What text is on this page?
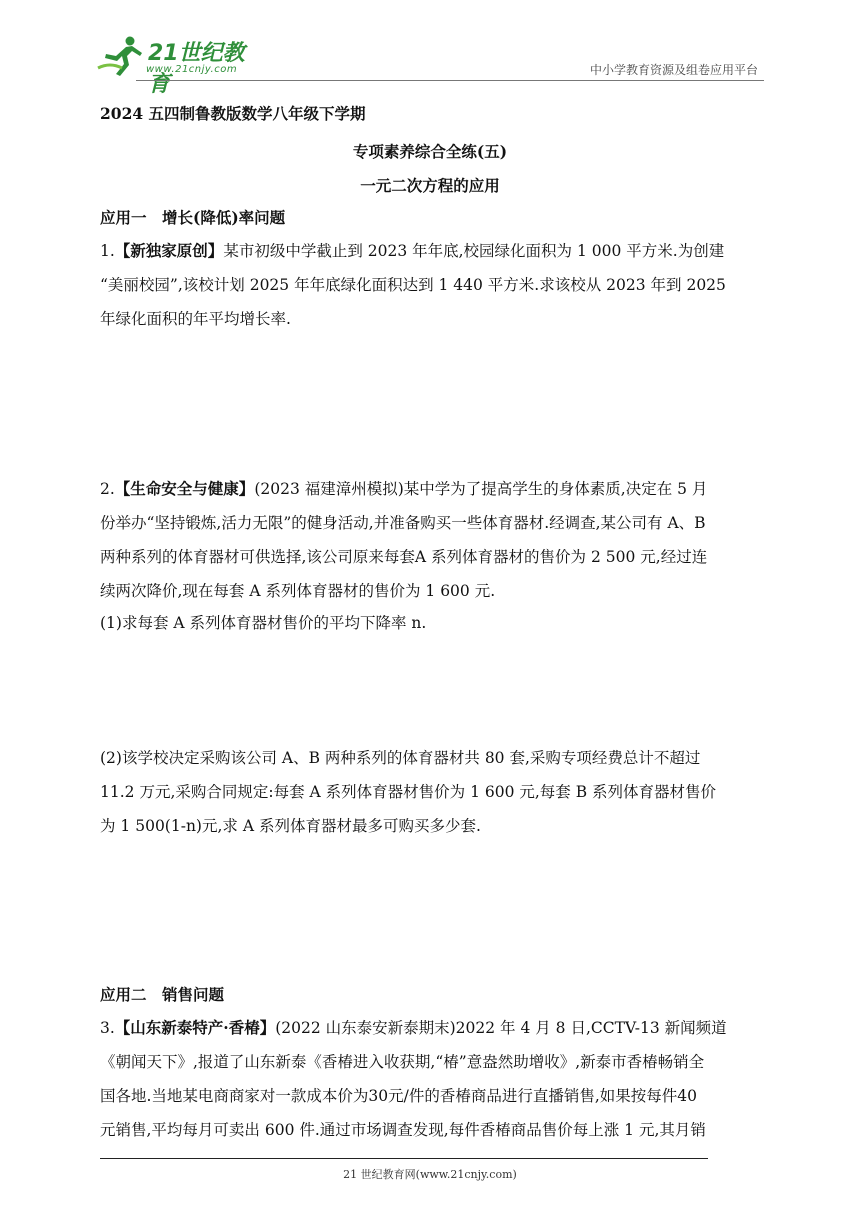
21世纪教育
www.21cnjy.com	中小学教育资源及组卷应用平台
2024 五四制鲁教版数学八年级下学期
专项素养综合全练(五)
一元二次方程的应用
应用一　增长(降低)率问题
1.【新独家原创】某市初级中学截止到 2023 年年底,校园绿化面积为 1 000 平方米.为创建
“美丽校园”,该校计划 2025 年年底绿化面积达到 1 440 平方米.求该校从 2023 年到 2025
年绿化面积的年平均增长率.
2.【生命安全与健康】(2023 福建漳州模拟)某中学为了提高学生的身体素质,决定在 5 月
份举办“坚持锻炼,活力无限”的健身活动,并准备购买一些体育器材.经调查,某公司有 A、B
两种系列的体育器材可供选择,该公司原来每套A 系列体育器材的售价为 2 500 元,经过连
续两次降价,现在每套 A 系列体育器材的售价为 1 600 元.
(1)求每套 A 系列体育器材售价的平均下降率 n.
(2)该学校决定采购该公司 A、B 两种系列的体育器材共 80 套,采购专项经费总计不超过
11.2 万元,采购合同规定:每套 A 系列体育器材售价为 1 600 元,每套 B 系列体育器材售价
为 1 500(1-n)元,求 A 系列体育器材最多可购买多少套.
应用二　销售问题
3.【山东新泰特产·香椿】(2022 山东泰安新泰期末)2022 年 4 月 8 日,CCTV-13 新闻频道
《朝闻天下》,报道了山东新泰《香椿进入收获期,“椿”意盎然助增收》,新泰市香椿畅销全
国各地.当地某电商商家对一款成本价为30元/件的香椿商品进行直播销售,如果按每件40
元销售,平均每月可卖出 600 件.通过市场调查发现,每件香椿商品售价每上涨 1 元,其月销
21 世纪教育网(www.21cnjy.com)
